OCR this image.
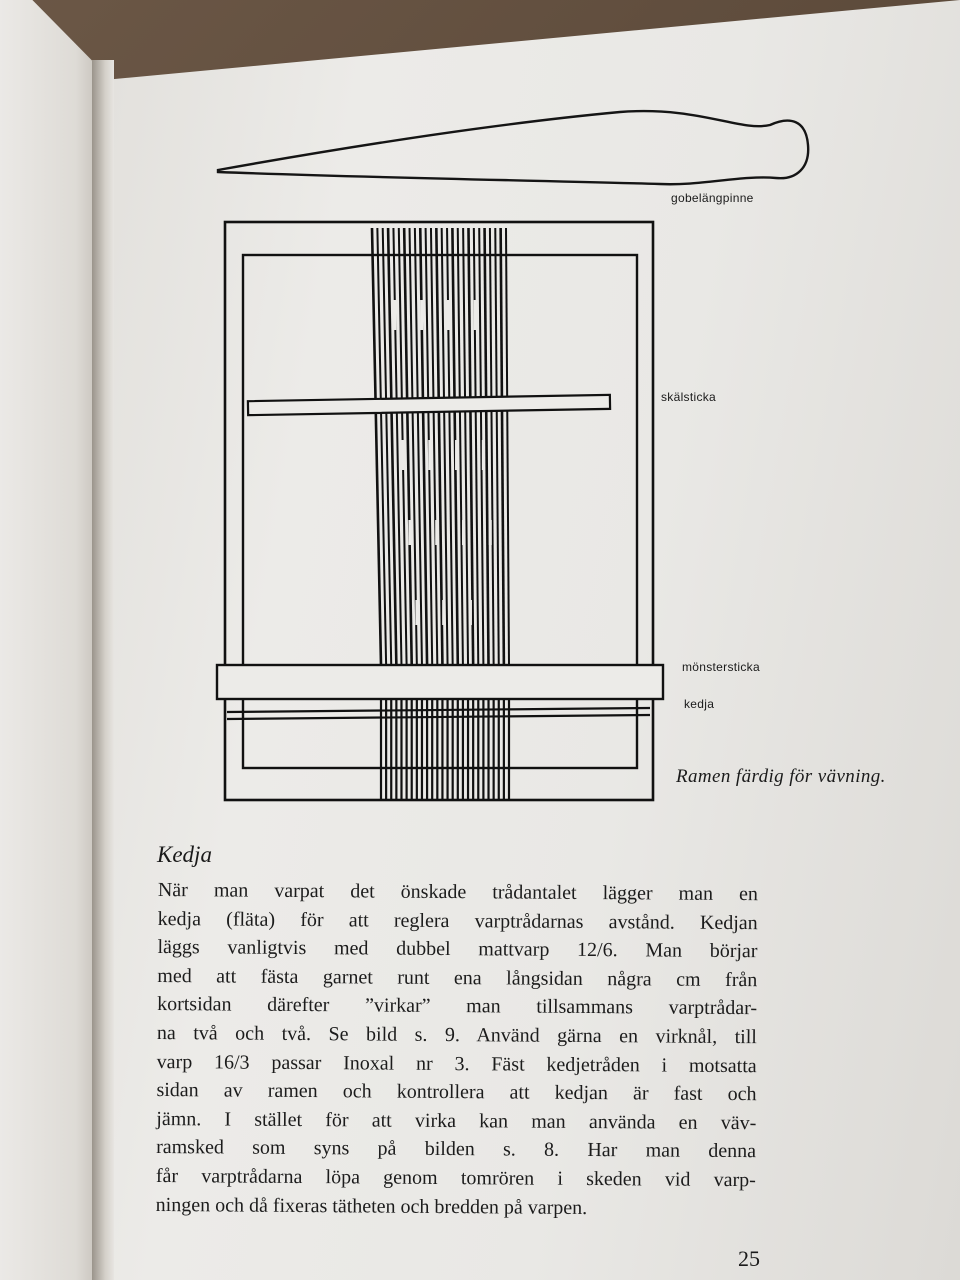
gobelängpinne
skälsticka
mönstersticka
kedja
Ramen färdig för vävning.
Kedja
När man varpat det önskade trådantalet lägger man en
kedja (fläta) för att reglera varptrådarnas avstånd. Kedjan
läggs vanligtvis med dubbel mattvarp 12/6. Man börjar
med att fästa garnet runt ena långsidan några cm från
kortsidan därefter ”virkar” man tillsammans varptrådar-
na två och två. Se bild s. 9. Använd gärna en virknål, till
varp 16/3 passar Inoxal nr 3. Fäst kedjetråden i motsatta
sidan av ramen och kontrollera att kedjan är fast och
jämn. I stället för att virka kan man använda en väv-
ramsked som syns på bilden s. 8. Har man denna
får varptrådarna löpa genom tomrören i skeden vid varp-
ningen och då fixeras tätheten och bredden på varpen.
25
